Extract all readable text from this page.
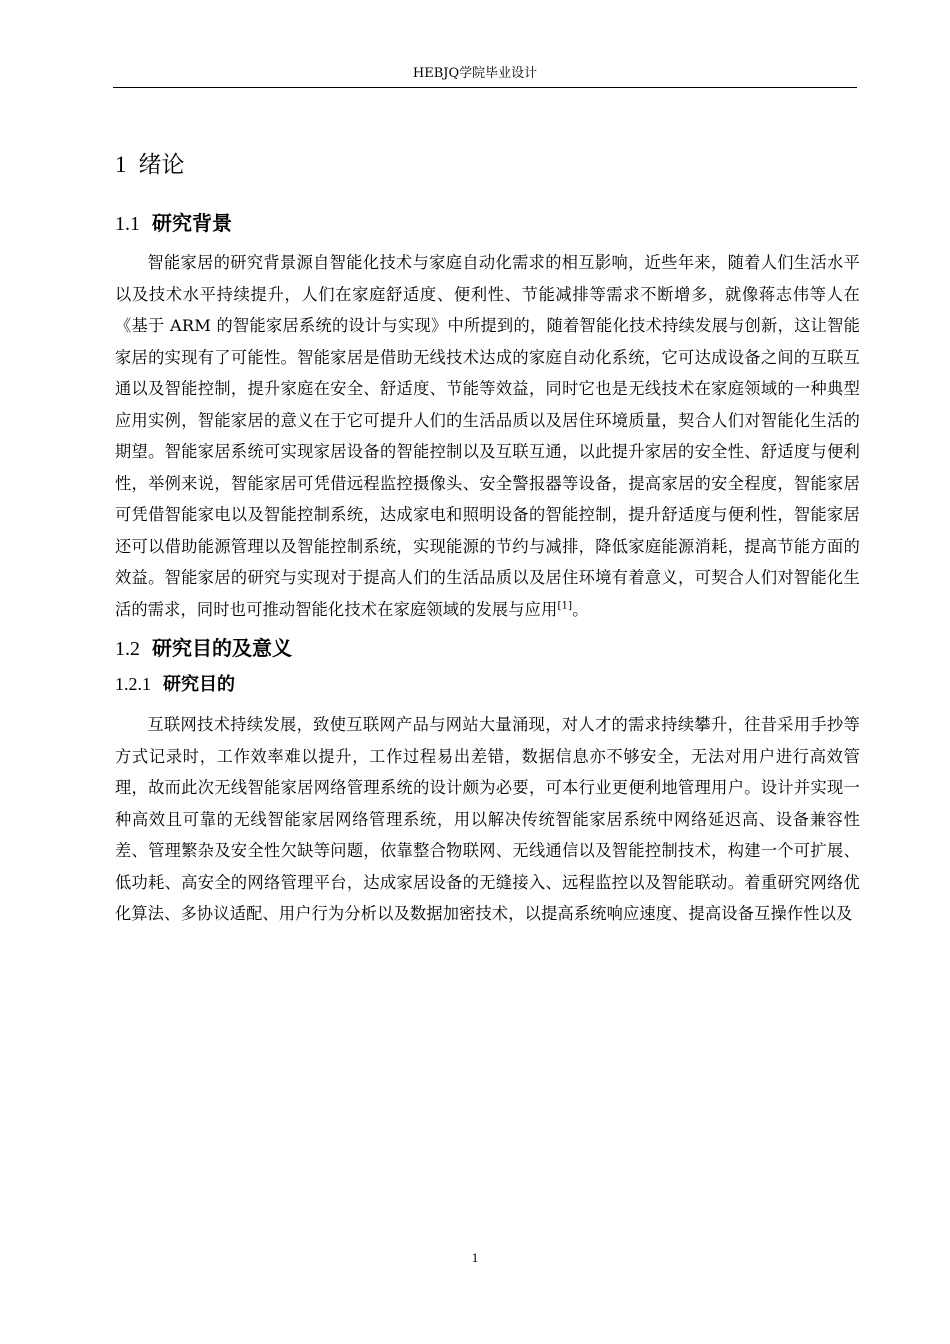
HEBJQ学院毕业设计
1 绪论
1.1 研究背景

智能家居的研究背景源自智能化技术与家庭自动化需求的相互影响，近些年来，随着人们生活水平以及技术水平持续提升，人们在家庭舒适度、便利性、节能减排等需求不断增多，就像蒋志伟等人在《基于 ARM 的智能家居系统的设计与实现》中所提到的，随着智能化技术持续发展与创新，这让智能家居的实现有了可能性。智能家居是借助无线技术达成的家庭自动化系统，它可达成设备之间的互联互通以及智能控制，提升家庭在安全、舒适度、节能等效益，同时它也是无线技术在家庭领域的一种典型应用实例，智能家居的意义在于它可提升人们的生活品质以及居住环境质量，契合人们对智能化生活的期望。智能家居系统可实现家居设备的智能控制以及互联互通，以此提升家居的安全性、舒适度与便利性，举例来说，智能家居可凭借远程监控摄像头、安全警报器等设备，提高家居的安全程度，智能家居可凭借智能家电以及智能控制系统，达成家电和照明设备的智能控制，提升舒适度与便利性，智能家居还可以借助能源管理以及智能控制系统，实现能源的节约与减排，降低家庭能源消耗，提高节能方面的效益。智能家居的研究与实现对于提高人们的生活品质以及居住环境有着意义，可契合人们对智能化生活的需求，同时也可推动智能化技术在家庭领域的发展与应用[1]。

1.2 研究目的及意义
1.2.1 研究目的

互联网技术持续发展，致使互联网产品与网站大量涌现，对人才的需求持续攀升，往昔采用手抄等方式记录时，工作效率难以提升，工作过程易出差错，数据信息亦不够安全，无法对用户进行高效管理，故而此次无线智能家居网络管理系统的设计颇为必要，可本行业更便利地管理用户。设计并实现一种高效且可靠的无线智能家居网络管理系统，用以解决传统智能家居系统中网络延迟高、设备兼容性差、管理繁杂及安全性欠缺等问题，依靠整合物联网、无线通信以及智能控制技术，构建一个可扩展、低功耗、高安全的网络管理平台，达成家居设备的无缝接入、远程监控以及智能联动。着重研究网络优化算法、多协议适配、用户行为分析以及数据加密技术，以提高系统响应速度、提高设备互操作性以及

1
